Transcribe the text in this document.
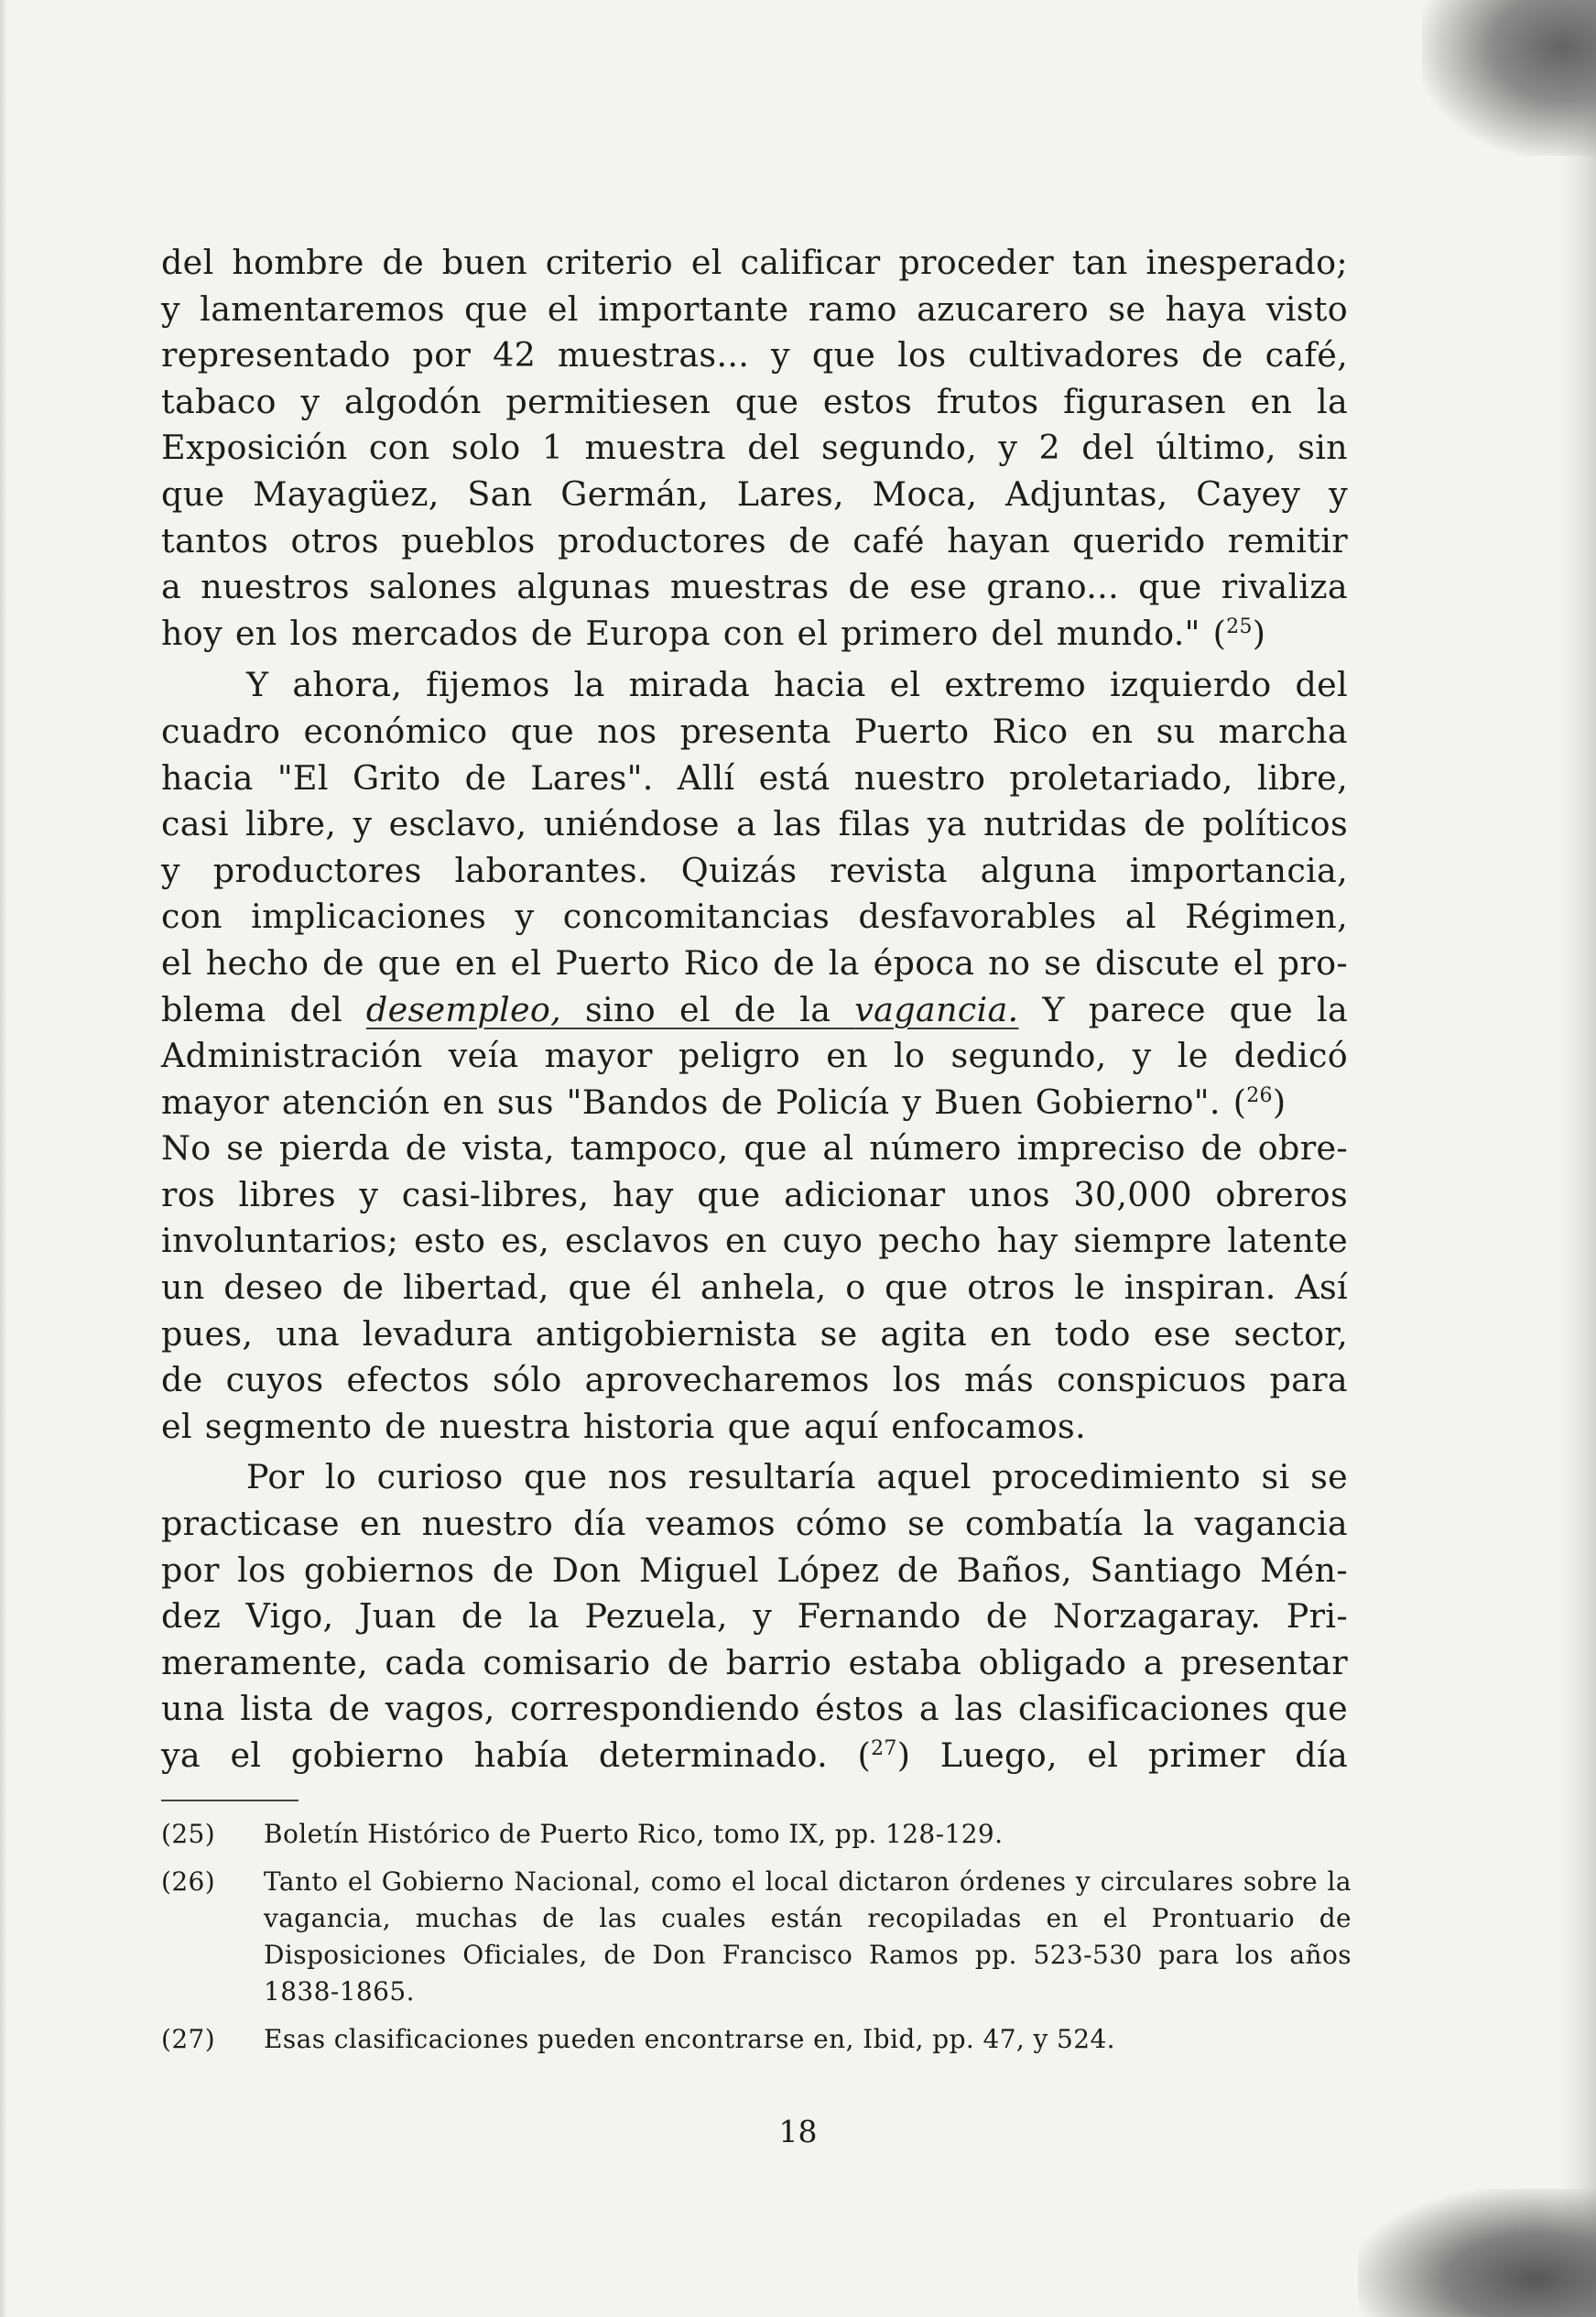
del hombre de buen criterio el calificar proceder tan inesperado;
y lamentaremos que el importante ramo azucarero se haya visto
representado por 42 muestras... y que los cultivadores de café,
tabaco y algodón permitiesen que estos frutos figurasen en la
Exposición con solo 1 muestra del segundo, y 2 del último, sin
que Mayagüez, San Germán, Lares, Moca, Adjuntas, Cayey y
tantos otros pueblos productores de café hayan querido remitir
a nuestros salones algunas muestras de ese grano... que rivaliza
hoy en los mercados de Europa con el primero del mundo." ($^{25}$)
Y ahora, fijemos la mirada hacia el extremo izquierdo del
cuadro económico que nos presenta Puerto Rico en su marcha
hacia "El Grito de Lares". Allí está nuestro proletariado, libre,
casi libre, y esclavo, uniéndose a las filas ya nutridas de políticos
y productores laborantes. Quizás revista alguna importancia,
con implicaciones y concomitancias desfavorables al Régimen,
el hecho de que en el Puerto Rico de la época no se discute el pro-
blema del desempleo, sino el de la vagancia. Y parece que la
Administración veía mayor peligro en lo segundo, y le dedicó
mayor atención en sus "Bandos de Policía y Buen Gobierno". ($^{26}$)
No se pierda de vista, tampoco, que al número impreciso de obre-
ros libres y casi-libres, hay que adicionar unos 30,000 obreros
involuntarios; esto es, esclavos en cuyo pecho hay siempre latente
un deseo de libertad, que él anhela, o que otros le inspiran. Así
pues, una levadura antigobiernista se agita en todo ese sector,
de cuyos efectos sólo aprovecharemos los más conspicuos para
el segmento de nuestra historia que aquí enfocamos.
Por lo curioso que nos resultaría aquel procedimiento si se
practicase en nuestro día veamos cómo se combatía la vagancia
por los gobiernos de Don Miguel López de Baños, Santiago Mén-
dez Vigo, Juan de la Pezuela, y Fernando de Norzagaray. Pri-
meramente, cada comisario de barrio estaba obligado a presentar
una lista de vagos, correspondiendo éstos a las clasificaciones que
ya el gobierno había determinado. ($^{27}$) Luego, el primer día
(25)	Boletín Histórico de Puerto Rico, tomo IX, pp. 128-129.
(26)	Tanto el Gobierno Nacional, como el local dictaron órdenes y circulares sobre la vagancia, muchas de las cuales están recopiladas en el Prontuario de Disposiciones Oficiales, de Don Francisco Ramos pp. 523-530 para los años 1838-1865.
(27)	Esas clasificaciones pueden encontrarse en, Ibid, pp. 47, y 524.
18
